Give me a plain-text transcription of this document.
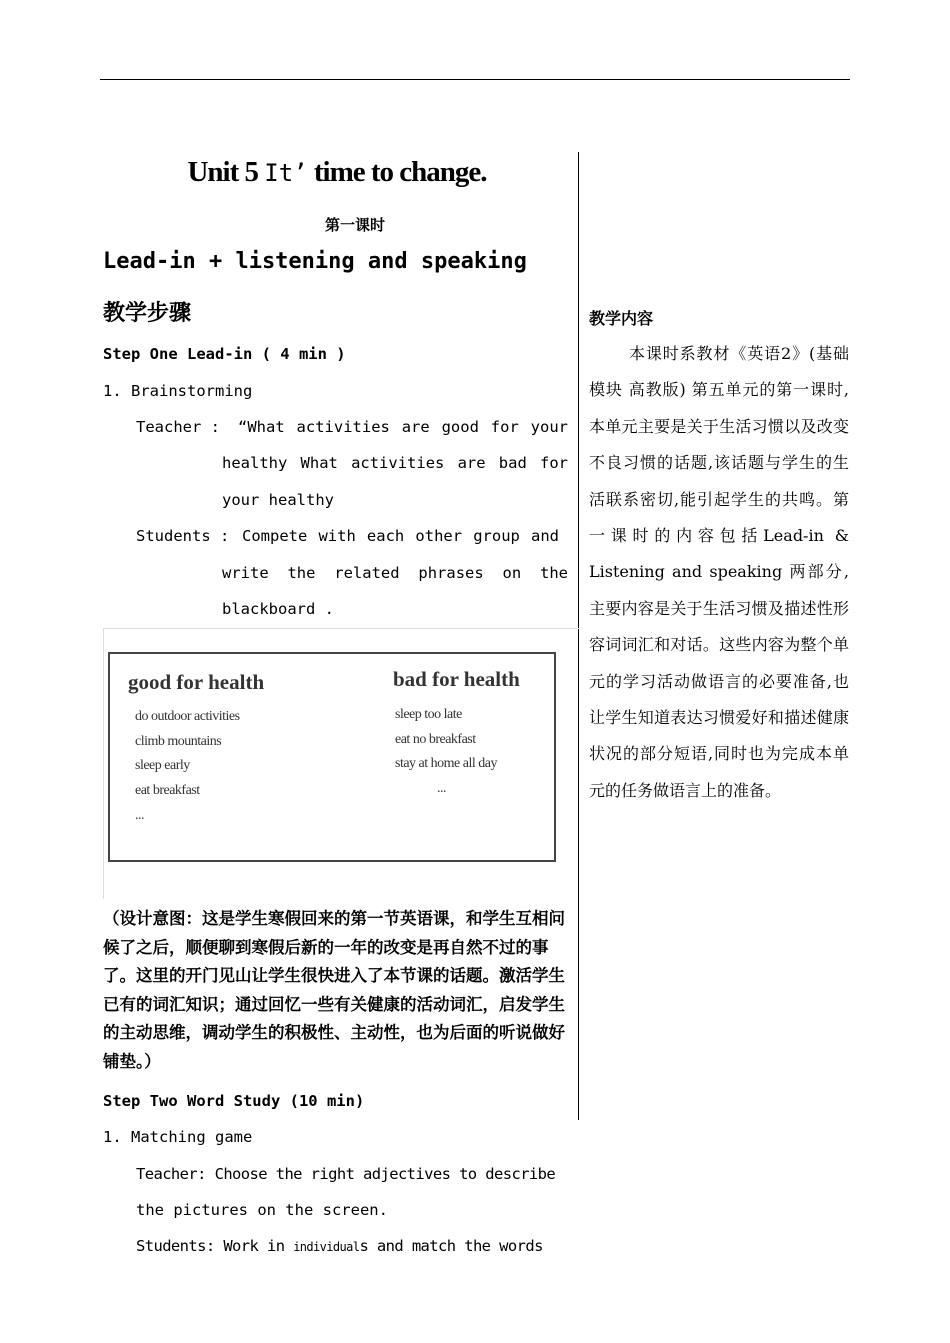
Unit 5 It’ time to change.
第一课时
Lead-in + listening and speaking
教学步骤
Step One Lead-in ( 4 min )
1. Brainstorming
Teacher : “What activities are good for your
healthy What activities are bad for
your healthy
Students : Compete with each other group and
write the related phrases on the
blackboard .
good for health
do outdoor activities
climb mountains
sleep early
eat breakfast
...
bad for health
sleep too late
eat no breakfast
stay at home all day
...
（设计意图：这是学生寒假回来的第一节英语课，和学生互相问候了之后，顺便聊到寒假后新的一年的改变是再自然不过的事了。这里的开门见山让学生很快进入了本节课的话题。激活学生已有的词汇知识；通过回忆一些有关健康的活动词汇，启发学生的主动思维，调动学生的积极性、主动性，也为后面的听说做好铺垫。）
Step Two Word Study (10 min)
1. Matching game
Teacher: Choose the right adjectives to describe
the pictures on the screen.
Students: Work in individuals and match the words
教学内容
本课时系教材《英语2》(基础模块 高教版) 第五单元的第一课时,本单元主要是关于生活习惯以及改变不良习惯的话题,该话题与学生的生活联系密切,能引起学生的共鸣。第一课时的内容包括Lead-in & Listening and speaking 两部分, 主要内容是关于生活习惯及描述性形容词词汇和对话。这些内容为整个单元的学习活动做语言的必要准备,也让学生知道表达习惯爱好和描述健康状况的部分短语,同时也为完成本单元的任务做语言上的准备。
